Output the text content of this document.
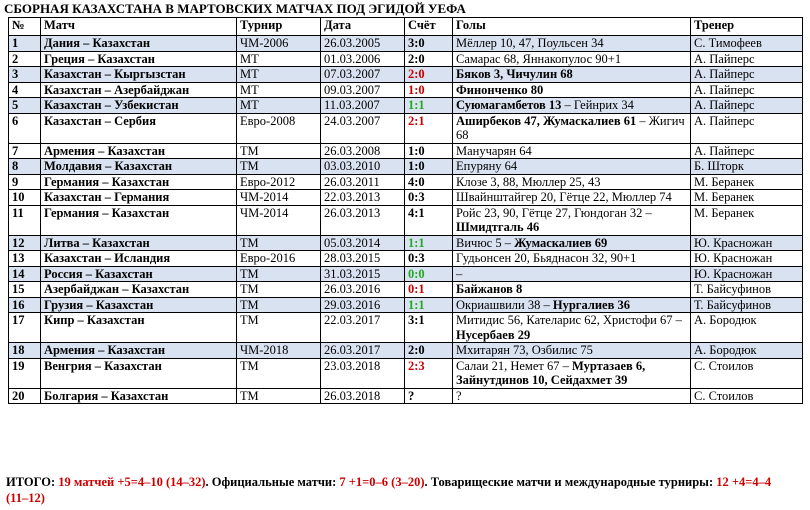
СБОРНАЯ КАЗАХСТАНА В МАРТОВСКИХ МАТЧАХ ПОД ЭГИДОЙ УЕФА
№	Матч	Турнир	Дата	Счёт	Голы	Тренер
1	Дания – Казахстан	ЧМ-2006	26.03.2005	3:0	Мёллер 10, 47, Поульсен 34	С. Тимофеев
2	Греция – Казахстан	МТ	01.03.2006	2:0	Самарас 68, Яннакопулос 90+1	А. Пайперс
3	Казахстан – Кыргызстан	МТ	07.03.2007	2:0	Бяков 3, Чичулин 68	А. Пайперс
4	Казахстан – Азербайджан	МТ	09.03.2007	1:0	Финонченко 80	А. Пайперс
5	Казахстан – Узбекистан	МТ	11.03.2007	1:1	Суюмагамбетов 13 – Гейнрих 34	А. Пайперс
6	Казахстан – Сербия	Евро-2008	24.03.2007	2:1	Аширбеков 47, Жумаскалиев 61 – Жигич 68	А. Пайперс
7	Армения – Казахстан	ТМ	26.03.2008	1:0	Манучарян 64	А. Пайперс
8	Молдавия – Казахстан	ТМ	03.03.2010	1:0	Епуряну 64	Б. Шторк
9	Германия – Казахстан	Евро-2012	26.03.2011	4:0	Клозе 3, 88, Мюллер 25, 43	М. Беранек
10	Казахстан – Германия	ЧМ-2014	22.03.2013	0:3	Швайнштайгер 20, Гётце 22, Мюллер 74	М. Беранек
11	Германия – Казахстан	ЧМ-2014	26.03.2013	4:1	Ройс 23, 90, Гётце 27, Гюндоган 32 – Шмидтгаль 46	М. Беранек
12	Литва – Казахстан	ТМ	05.03.2014	1:1	Вичюс 5 – Жумаскалиев 69	Ю. Красножан
13	Казахстан – Исландия	Евро-2016	28.03.2015	0:3	Гудьонсен 20, Бьяднасон 32, 90+1	Ю. Красножан
14	Россия – Казахстан	ТМ	31.03.2015	0:0	–	Ю. Красножан
15	Азербайджан – Казахстан	ТМ	26.03.2016	0:1	Байжанов 8	Т. Байсуфинов
16	Грузия – Казахстан	ТМ	29.03.2016	1:1	Окриашвили 38 – Нургалиев 36	Т. Байсуфинов
17	Кипр – Казахстан	ТМ	22.03.2017	3:1	Митидис 56, Кателарис 62, Христофи 67 – Нусербаев 29	А. Бородюк
18	Армения – Казахстан	ЧМ-2018	26.03.2017	2:0	Мхитарян 73, Озбилис 75	А. Бородюк
19	Венгрия – Казахстан	ТМ	23.03.2018	2:3	Салаи 21, Немет 67 – Муртазаев 6, Зайнутдинов 10, Сейдахмет 39	С. Стоилов
20	Болгария – Казахстан	ТМ	26.03.2018	?	?	С. Стоилов
ИТОГО: 19 матчей +5=4–10 (14–32). Официальные матчи: 7 +1=0–6 (3–20). Товарищеские матчи и международные турниры: 12 +4=4–4 (11–12)
